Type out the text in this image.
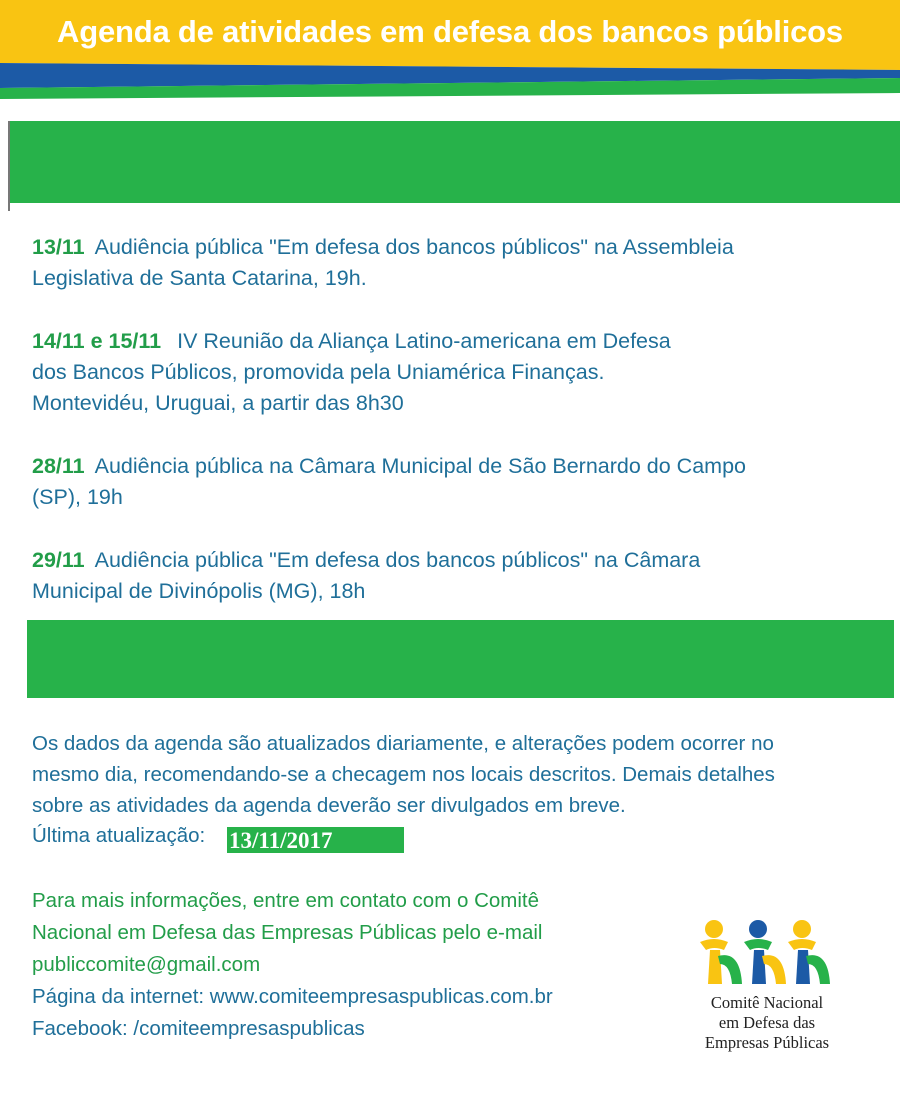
Agenda de atividades em defesa dos bancos públicos
13/11 Audiência pública "Em defesa dos bancos públicos" na Assembleia
Legislativa de Santa Catarina, 19h.
14/11 e 15/11 IV Reunião da Aliança Latino-americana em Defesa
dos Bancos Públicos, promovida pela Uniamérica Finanças.
Montevidéu, Uruguai, a partir das 8h30
28/11 Audiência pública na Câmara Municipal de São Bernardo do Campo
(SP), 19h
29/11 Audiência pública "Em defesa dos bancos públicos" na Câmara
Municipal de Divinópolis (MG), 18h
Os dados da agenda são atualizados diariamente, e alterações podem ocorrer no
mesmo dia, recomendando-se a checagem nos locais descritos. Demais detalhes
sobre as atividades da agenda deverão ser divulgados em breve.
Última atualização: 13/11/2017
Para mais informações, entre em contato com o Comitê
Nacional em Defesa das Empresas Públicas pelo e-mail
publiccomite@gmail.com
Página da internet: www.comiteempresaspublicas.com.br
Facebook: /comiteempresaspublicas
Comitê Nacional
em Defesa das
Empresas Públicas
